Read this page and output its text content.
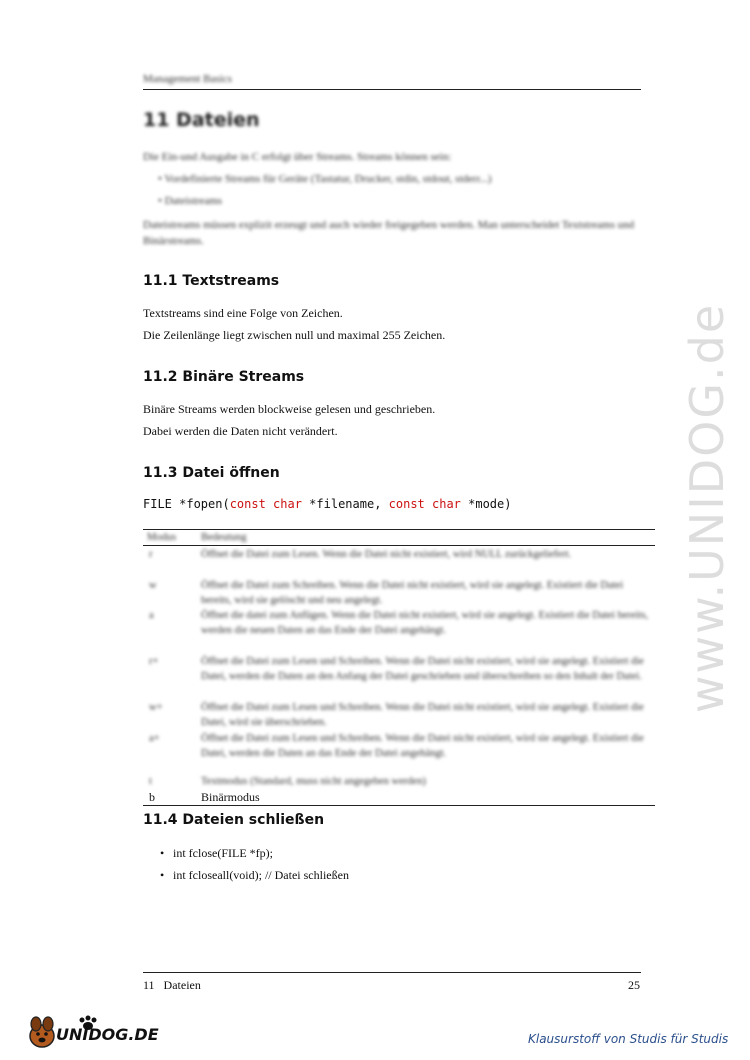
Management Basics
11 Dateien
Die Ein-und Ausgabe in C erfolgt über Streams. Streams können sein:
• Vordefinierte Streams für Geräte (Tastatur, Drucker, stdin, stdout, stderr...)
• Dateistreams
Dateistreams müssen explizit erzeugt und auch wieder freigegeben werden. Man unterscheidet Textstreams und Binärstreams.
11.1 Textstreams
Textstreams sind eine Folge von Zeichen.
Die Zeilenlänge liegt zwischen null und maximal 255 Zeichen.
11.2 Binäre Streams
Binäre Streams werden blockweise gelesen und geschrieben.
Dabei werden die Daten nicht verändert.
11.3 Datei öffnen
FILE *fopen(const char *filename, const char *mode)
Modus Bedeutung
r	Öffnet die Datei zum Lesen. Wenn die Datei nicht existiert, wird NULL zurückgeliefert.
w	Öffnet die Datei zum Schreiben. Wenn die Datei nicht existiert, wird sie angelegt. Existiert die Datei bereits, wird sie gelöscht und neu angelegt.
a	Öffnet die datei zum Anfügen. Wenn die Datei nicht existiert, wird sie angelegt. Existiert die Datei bereits, werden die neuen Daten an das Ende der Datei angehängt.
r+	Öffnet die Datei zum Lesen und Schreiben. Wenn die Datei nicht existiert, wird sie angelegt. Existiert die Datei, werden die Daten an den Anfang der Datei geschrieben und überschreiben so den Inhalt der Datei.
w+	Öffnet die Datei zum Lesen und Schreiben. Wenn die Datei nicht existiert, wird sie angelegt. Existiert die Datei, wird sie überschrieben.
a+	Öffnet die Datei zum Lesen und Schreiben. Wenn die Datei nicht existiert, wird sie angelegt. Existiert die Datei, werden die Daten an das Ende der Datei angehängt.
t	Textmodus (Standard, muss nicht angegeben werden)
b	Binärmodus
11.4 Dateien schließen
• int fclose(FILE *fp);
• int fcloseall(void); // Datei schließen
11   Dateien	25
www.UNIDOG.de
UNIDOG.DE	Klausurstoff von Studis für Studis
